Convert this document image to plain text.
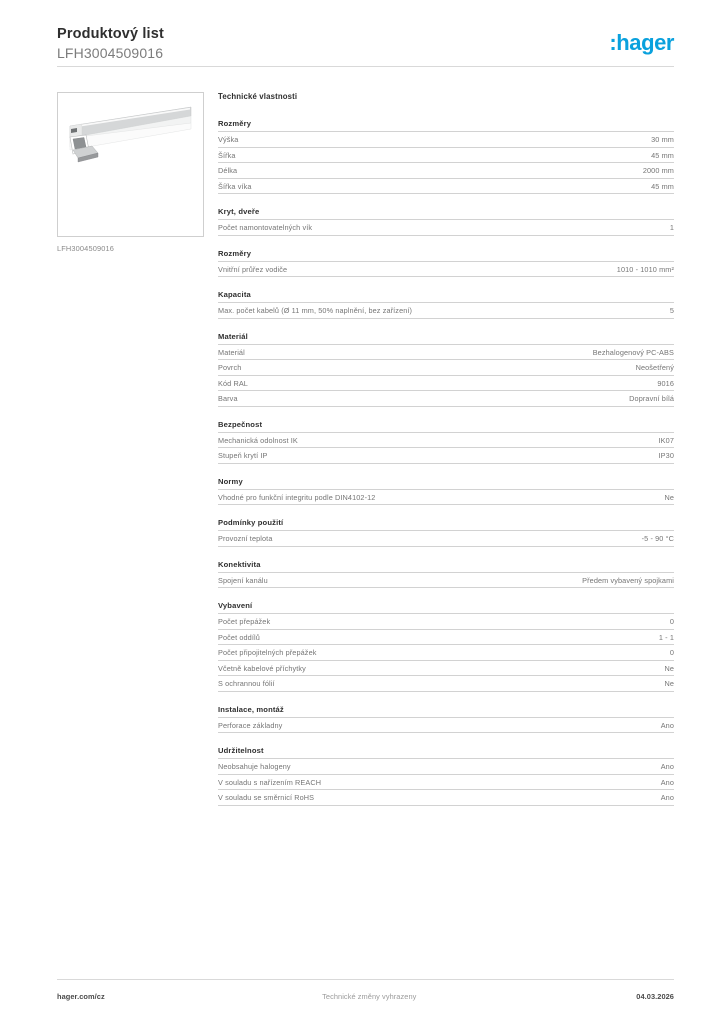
Produktový list
LFH3004509016	:hager
LFH3004509016
Technické vlastnosti
Rozměry
Výška	30 mm
Šířka	45 mm
Délka	2000 mm
Šířka víka	45 mm
Kryt, dveře
Počet namontovatelných vík	1
Rozměry
Vnitřní průřez vodiče	1010 - 1010 mm²
Kapacita
Max. počet kabelů (Ø 11 mm, 50% naplnění, bez zařízení)	5
Materiál
Materiál	Bezhalogenový PC-ABS
Povrch	Neošetřený
Kód RAL	9016
Barva	Dopravní bílá
Bezpečnost
Mechanická odolnost IK	IK07
Stupeň krytí IP	IP30
Normy
Vhodné pro funkční integritu podle DIN4102-12	Ne
Podmínky použití
Provozní teplota	-5 - 90 °C
Konektivita
Spojení kanálu	Předem vybavený spojkami
Vybavení
Počet přepážek	0
Počet oddílů	1 - 1
Počet připojitelných přepážek	0
Včetně kabelové příchytky	Ne
S ochrannou fólií	Ne
Instalace, montáž
Perforace základny	Ano
Udržitelnost
Neobsahuje halogeny	Ano
V souladu s nařízením REACH	Ano
V souladu se směrnicí RoHS	Ano
hager.com/cz	Technické změny vyhrazeny	04.03.2026
